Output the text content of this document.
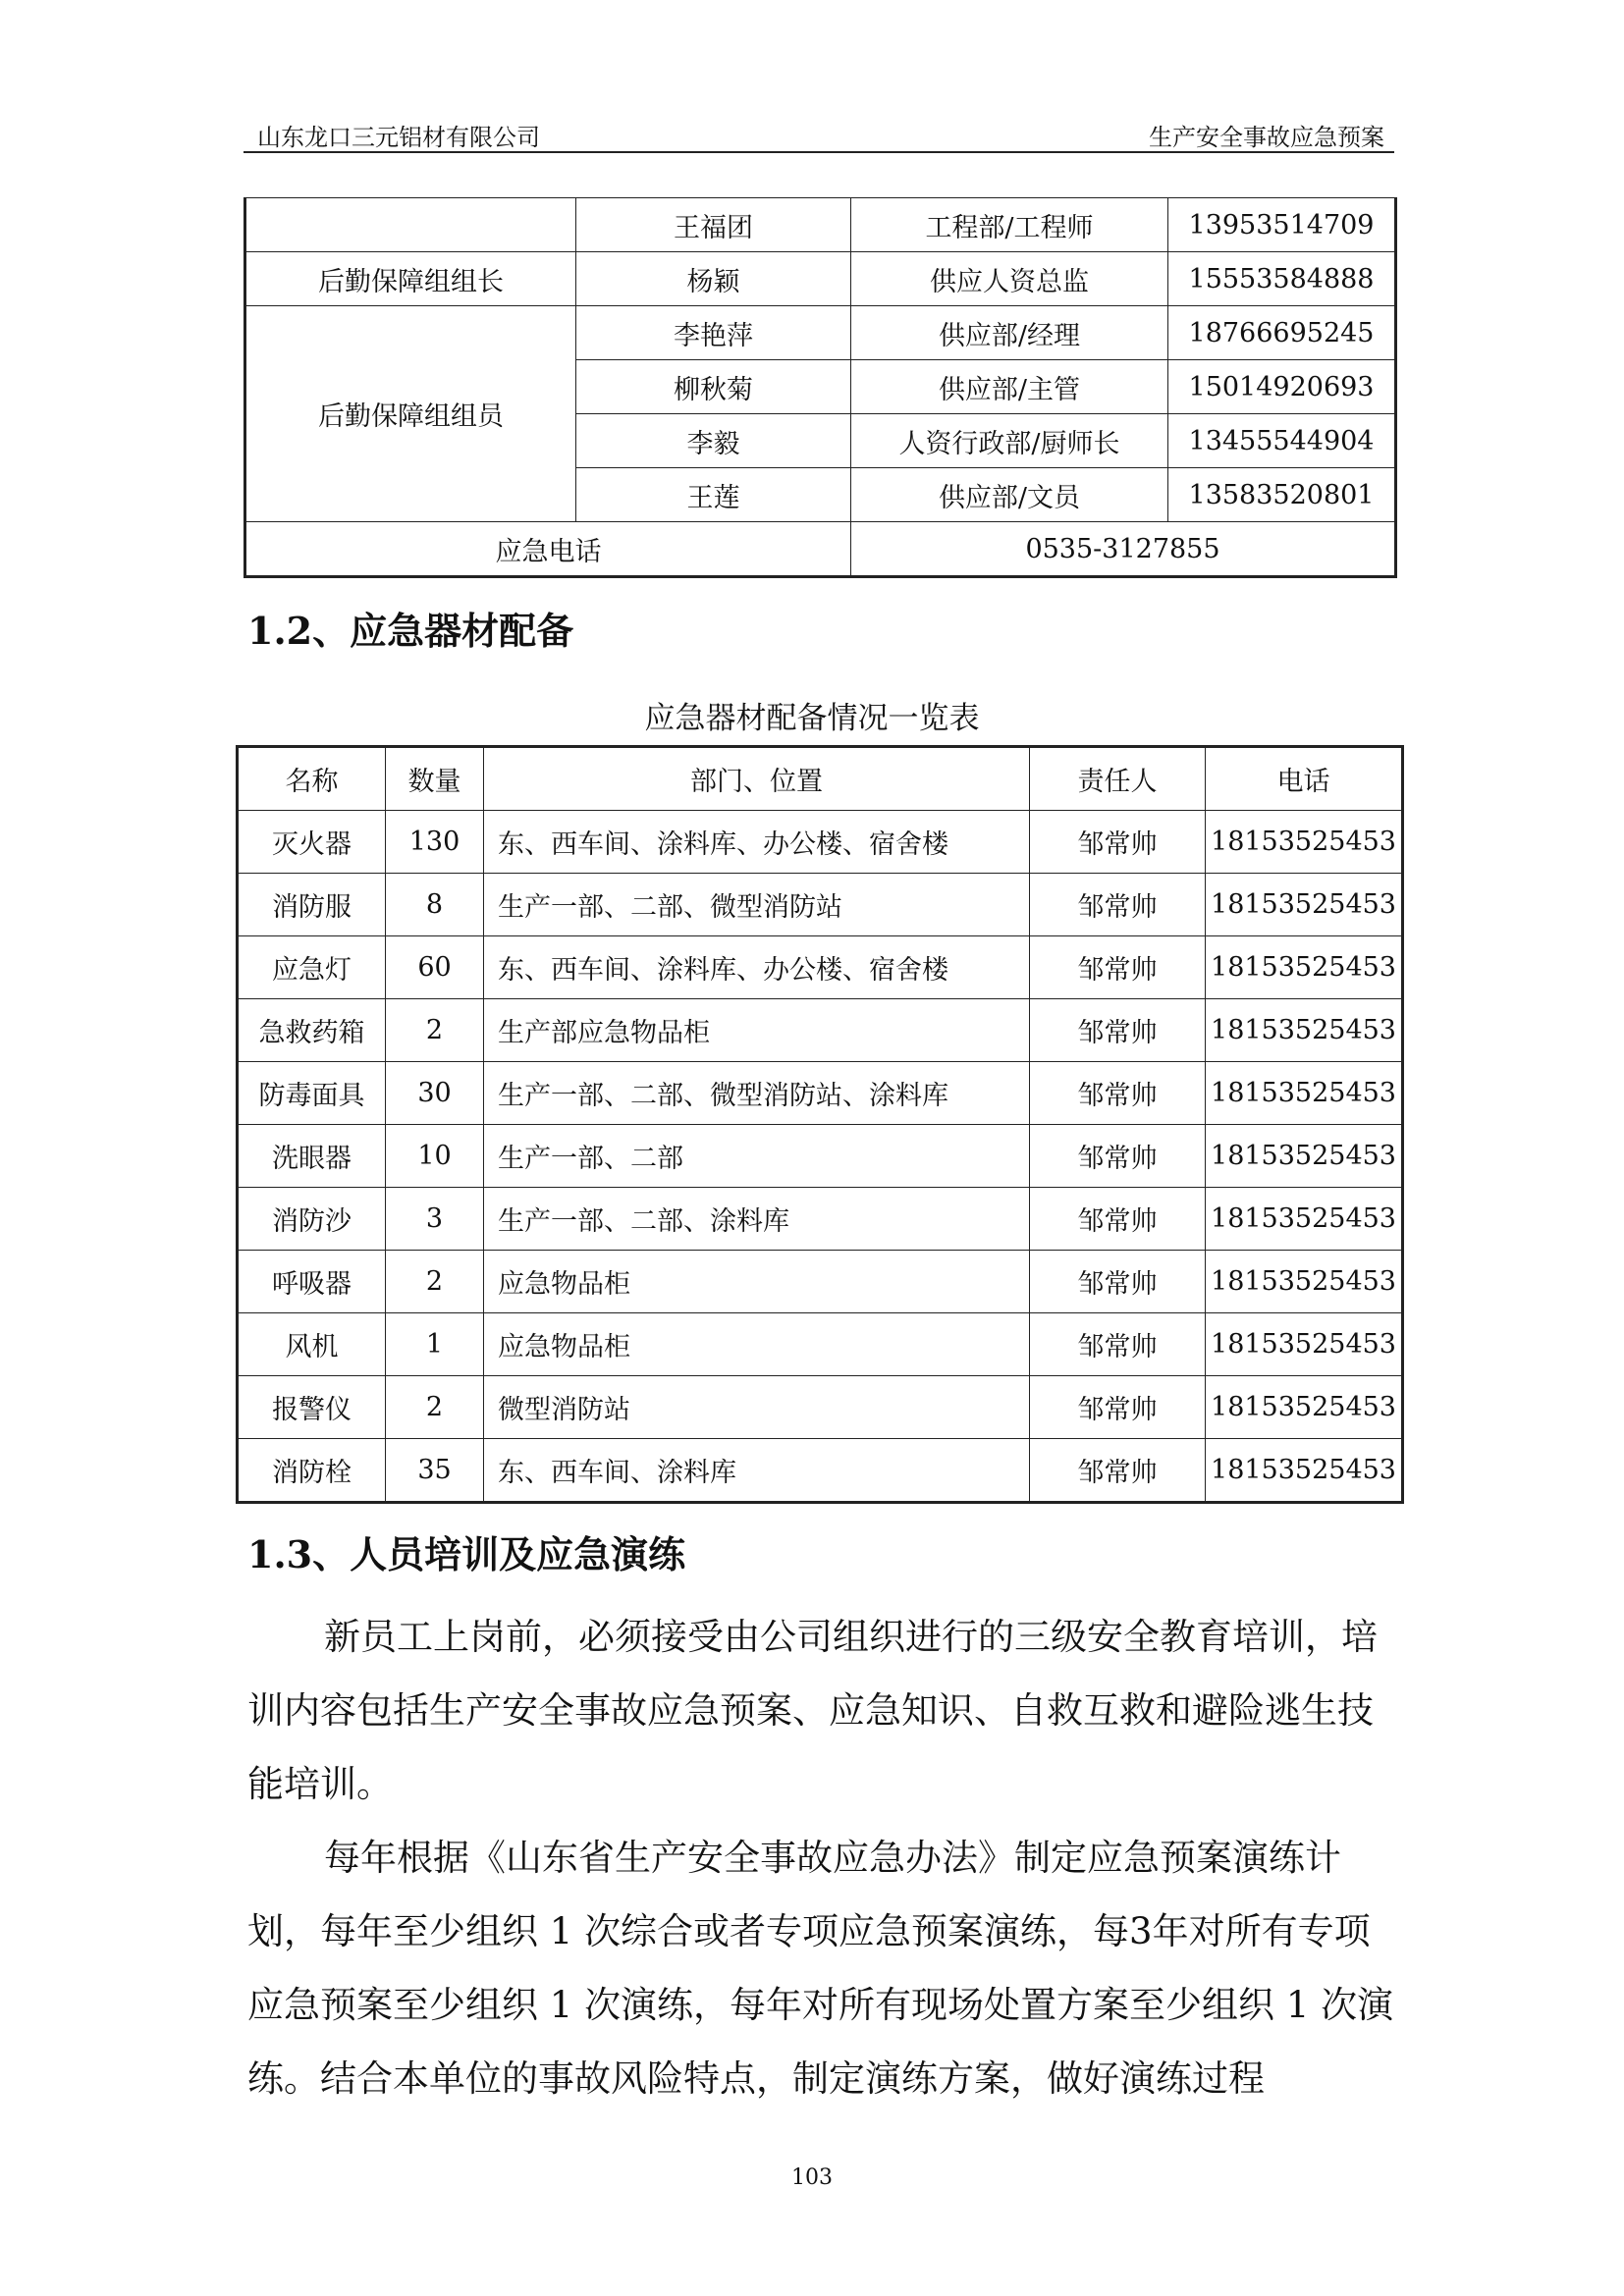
山东龙口三元铝材有限公司	生产安全事故应急预案
	王福团	工程部/工程师	13953514709
后勤保障组组长	杨颖	供应人资总监	15553584888
后勤保障组组员	李艳萍	供应部/经理	18766695245
	柳秋菊	供应部/主管	15014920693
	李毅	人资行政部/厨师长	13455544904
	王莲	供应部/文员	13583520801
应急电话		0535-3127855	
1.2、应急器材配备
应急器材配备情况一览表
名称	数量	部门、位置	责任人	电话
灭火器	130	东、西车间、涂料库、办公楼、宿舍楼	邹常帅	18153525453
消防服	8	生产一部、二部、微型消防站	邹常帅	18153525453
应急灯	60	东、西车间、涂料库、办公楼、宿舍楼	邹常帅	18153525453
急救药箱	2	生产部应急物品柜	邹常帅	18153525453
防毒面具	30	生产一部、二部、微型消防站、涂料库	邹常帅	18153525453
洗眼器	10	生产一部、二部	邹常帅	18153525453
消防沙	3	生产一部、二部、涂料库	邹常帅	18153525453
呼吸器	2	应急物品柜	邹常帅	18153525453
风机	1	应急物品柜	邹常帅	18153525453
报警仪	2	微型消防站	邹常帅	18153525453
消防栓	35	东、西车间、涂料库	邹常帅	18153525453
1.3、人员培训及应急演练

新员工上岗前，必须接受由公司组织进行的三级安全教育培训，培训内容包括生产安全事故应急预案、应急知识、自救互救和避险逃生技能培训。

每年根据《山东省生产安全事故应急办法》制定应急预案演练计划，每年至少组织 1 次综合或者专项应急预案演练，每3年对所有专项应急预案至少组织 1 次演练，每年对所有现场处置方案至少组织 1 次演练。结合本单位的事故风险特点，制定演练方案，做好演练过程

103
